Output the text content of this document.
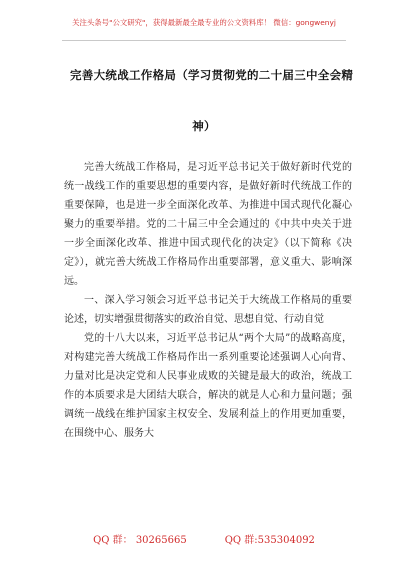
关注头条号"公文研究"，获得最新最全最专业的公文资料库！ 微信：gongwenyj
完善大统战工作格局（学习贯彻党的二十届三中全会精
神）

完善大统战工作格局，是习近平总书记关于做好新时代党的统一战线工作的重要思想的重要内容，是做好新时代统战工作的重要保障，也是进一步全面深化改革、为推进中国式现代化凝心聚力的重要举措。党的二十届三中全会通过的《中共中央关于进一步全面深化改革、推进中国式现代化的决定》（以下简称《决定》），就完善大统战工作格局作出重要部署，意义重大、影响深远。

一、深入学习领会习近平总书记关于大统战工作格局的重要论述，切实增强贯彻落实的政治自觉、思想自觉、行动自觉

党的十八大以来，习近平总书记从“两个大局”的战略高度，对构建完善大统战工作格局作出一系列重要论述强调人心向背、力量对比是决定党和人民事业成败的关键是最大的政治，统战工作的本质要求是大团结大联合，解决的就是人心和力量问题；强调统一战线在维护国家主权安全、发展利益上的作用更加重要，在围绕中心、服务大

QQ 群： 30265665	QQ 群:535304092
